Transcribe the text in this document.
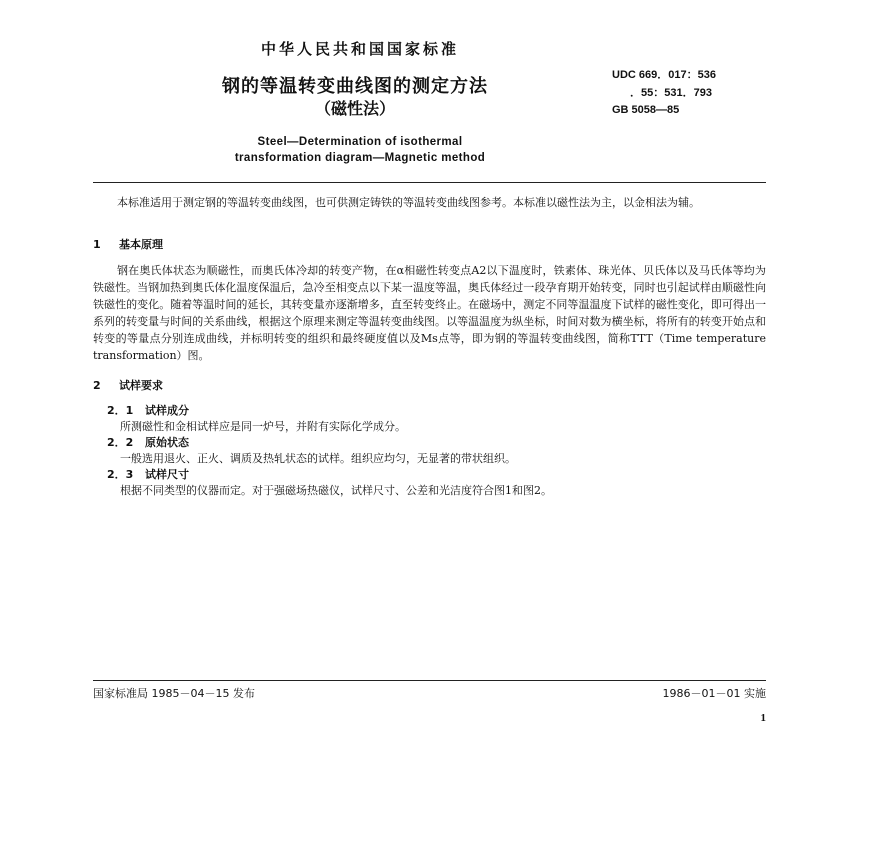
中华人民共和国国家标准
钢的等温转变曲线图的测定方法
（磁性法）
UDC 669．017：536
．55：531．793
GB 5058—85
Steel—Determination of isothermal
transformation diagram—Magnetic method
本标准适用于测定钢的等温转变曲线图，也可供测定铸铁的等温转变曲线图参考。本标准以磁性法为主，以金相法为辅。
1 基本原理
钢在奥氏体状态为顺磁性，而奥氏体冷却的转变产物，在α相磁性转变点A2以下温度时，铁素体、珠光体、贝氏体以及马氏体等均为铁磁性。当钢加热到奥氏体化温度保温后，急冷至相变点以下某一温度等温，奥氏体经过一段孕育期开始转变，同时也引起试样由顺磁性向铁磁性的变化。随着等温时间的延长，其转变量亦逐渐增多，直至转变终止。在磁场中，测定不同等温温度下试样的磁性变化，即可得出一系列的转变量与时间的关系曲线，根据这个原理来测定等温转变曲线图。以等温温度为纵坐标，时间对数为横坐标，将所有的转变开始点和转变的等量点分别连成曲线，并标明转变的组织和最终硬度值以及Ms点等，即为钢的等温转变曲线图，简称TTT（Time temperature transformation）图。
2 试样要求
2．1 试样成分
所测磁性和金相试样应是同一炉号，并附有实际化学成分。
2．2 原始状态
一般选用退火、正火、调质及热轧状态的试样。组织应均匀，无显著的带状组织。
2．3 试样尺寸
根据不同类型的仪器而定。对于强磁场热磁仪，试样尺寸、公差和光洁度符合图1和图2。
国家标准局 1985－04－15 发布	1986－01－01 实施
1
